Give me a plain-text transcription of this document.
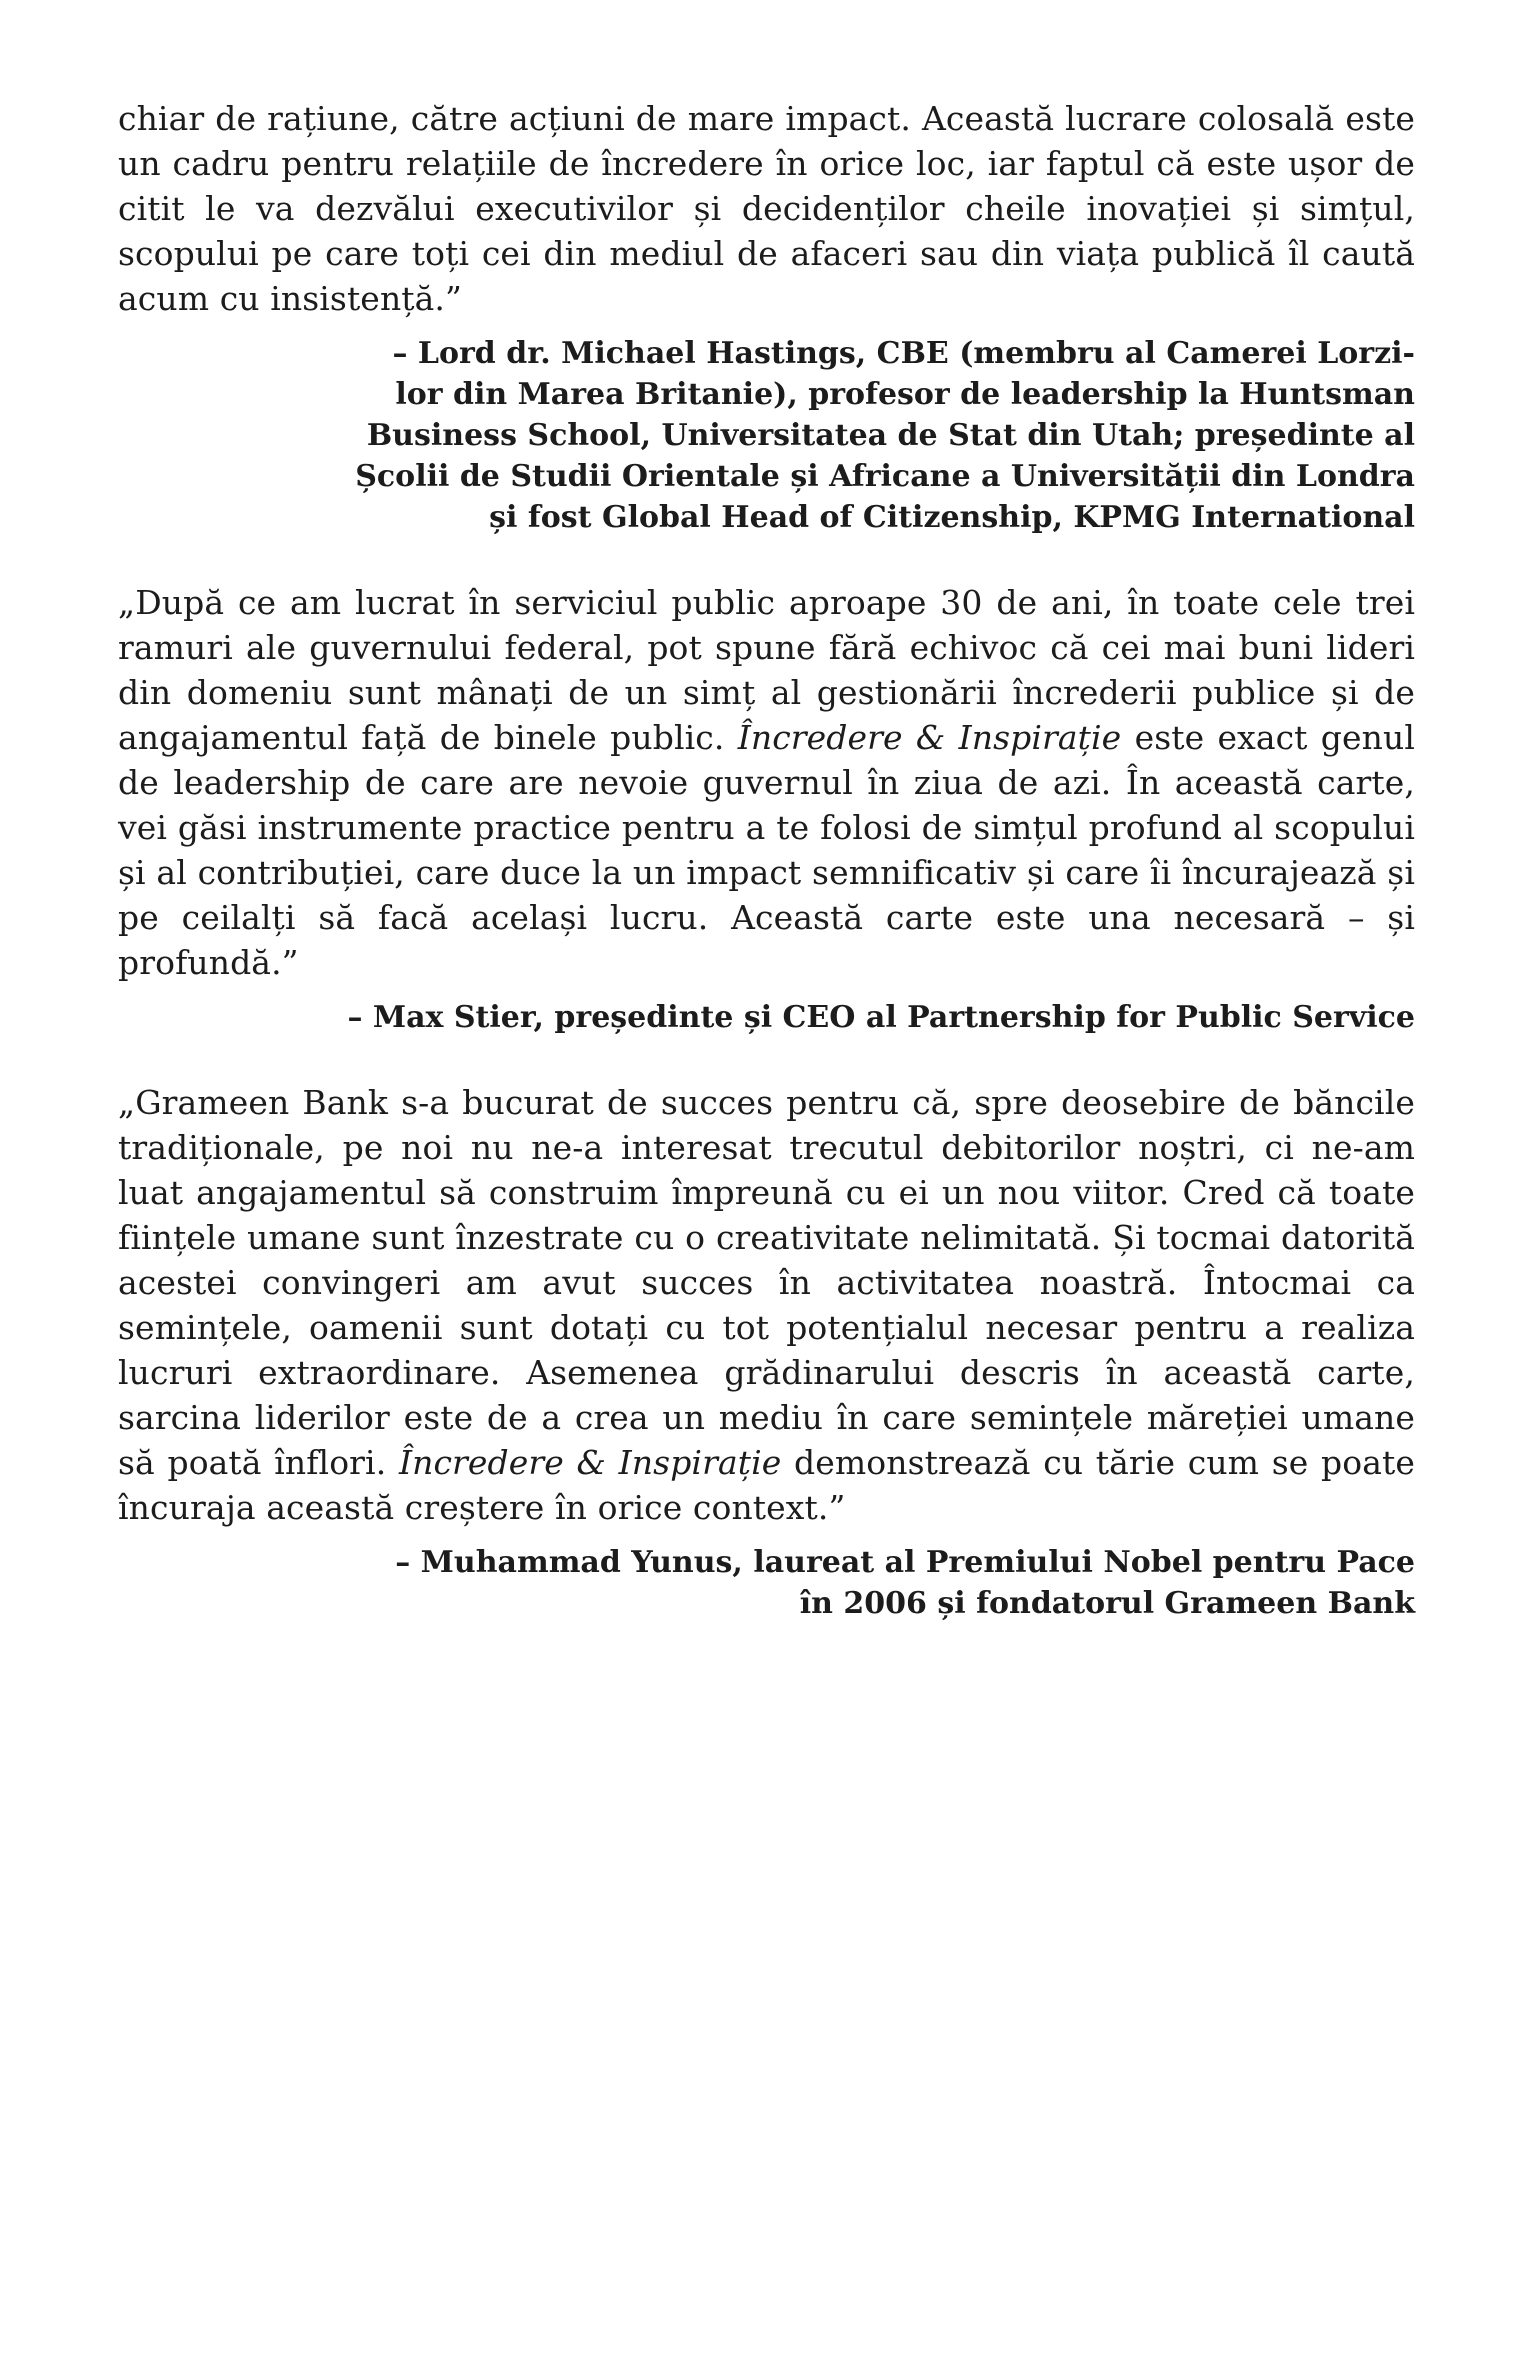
chiar de rațiune, către acțiuni de mare impact. Această lucrare colosală este un cadru pentru relațiile de încredere în orice loc, iar faptul că este ușor de citit le va dezvălui executivilor și decidenților cheile inovației și simțul, scopului pe care toți cei din mediul de afaceri sau din viața publică îl caută acum cu insistență.”

– Lord dr. Michael Hastings, CBE (membru al Camerei Lorzi-
lor din Marea Britanie), profesor de leadership la Huntsman
Business School, Universitatea de Stat din Utah; președinte al
Școlii de Studii Orientale și Africane a Universității din Londra
și fost Global Head of Citizenship, KPMG International

„După ce am lucrat în serviciul public aproape 30 de ani, în toate cele trei ramuri ale guvernului federal, pot spune fără echivoc că cei mai buni lideri din domeniu sunt mânați de un simț al gestionării încrederii publice și de angajamentul față de binele public. Încredere & Inspirație este exact genul de leadership de care are nevoie guvernul în ziua de azi. În această carte, vei găsi instrumente practice pentru a te folosi de simțul profund al scopului și al contribuției, care duce la un impact semnificativ și care îi încurajează și pe ceilalți să facă același lucru. Această carte este una necesară – și profundă.”

– Max Stier, președinte și CEO al Partnership for Public Service

„Grameen Bank s-a bucurat de succes pentru că, spre deosebire de băncile tradiționale, pe noi nu ne-a interesat trecutul debitorilor noștri, ci ne-am luat angajamentul să construim împreună cu ei un nou viitor. Cred că toate ființele umane sunt înzestrate cu o creativitate nelimitată. Și tocmai datorită acestei convingeri am avut succes în activitatea noastră. Întocmai ca semințele, oamenii sunt dotați cu tot potențialul necesar pentru a realiza lucruri extraordinare. Asemenea grădinarului descris în această carte, sarcina liderilor este de a crea un mediu în care semințele măreției umane să poată înflori. Încredere & Inspirație demonstrează cu tărie cum se poate încuraja această creștere în orice context.”

– Muhammad Yunus, laureat al Premiului Nobel pentru Pace
în 2006 și fondatorul Grameen Bank
